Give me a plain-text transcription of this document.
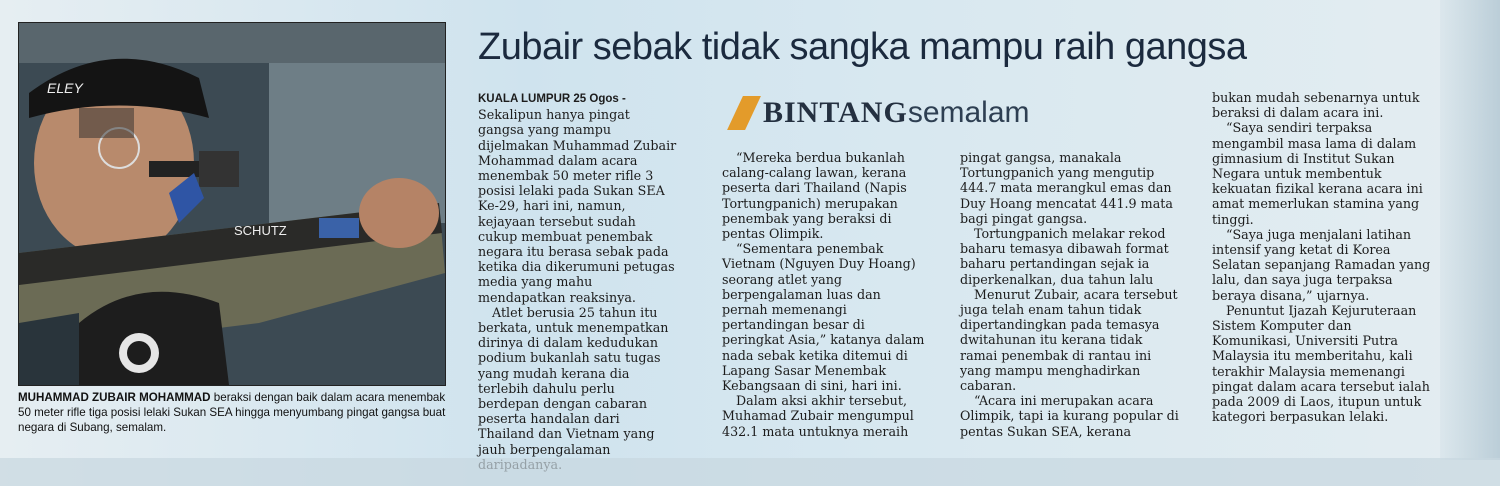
ELEY
SCHUTZ
MUHAMMAD ZUBAIR MOHAMMAD beraksi dengan baik dalam acara menembak 50 meter rifle tiga posisi lelaki Sukan SEA hingga menyumbang pingat gangsa buat negara di Subang, semalam.
Zubair sebak tidak sangka mampu raih gangsa
BINTANG semalam

KUALA LUMPUR 25 Ogos -

Sekalipun hanya pingat gangsa yang mampu dijelmakan Muhammad Zubair Mohammad dalam acara menembak 50 meter rifle 3 posisi lelaki pada Sukan SEA Ke-29, hari ini, namun, kejayaan tersebut sudah cukup membuat penembak negara itu berasa sebak pada ketika dia dikerumuni petugas media yang mahu mendapatkan reaksinya.

Atlet berusia 25 tahun itu berkata, untuk menempatkan dirinya di dalam kedudukan podium bukanlah satu tugas yang mudah kerana dia terlebih dahulu perlu berdepan dengan cabaran peserta handalan dari Thailand dan Vietnam yang jauh berpengalaman

“Mereka berdua bukanlah calang-calang lawan, kerana peserta dari Thailand (Napis Tortungpanich) merupakan penembak yang beraksi di pentas Olimpik.

“Sementara penembak Vietnam (Nguyen Duy Hoang) seorang atlet yang berpengalaman luas dan pernah memenangi pertandingan besar di peringkat Asia,” katanya dalam nada sebak ketika ditemui di Lapang Sasar Menembak Kebangsaan di sini, hari ini.

Dalam aksi akhir tersebut, Muhamad Zubair mengumpul 432.1 mata untuknya meraih

pingat gangsa, manakala Tortungpanich yang mengutip 444.7 mata merangkul emas dan Duy Hoang mencatat 441.9 mata bagi pingat gangsa.

Tortungpanich melakar rekod baharu temasya dibawah format baharu pertandingan sejak ia diperkenalkan, dua tahun lalu

Menurut Zubair, acara tersebut juga telah enam tahun tidak dipertandingkan pada temasya dwitahunan itu kerana tidak ramai penembak di rantau ini yang mampu menghadirkan cabaran.

“Acara ini merupakan acara Olimpik, tapi ia kurang popular di pentas Sukan SEA, kerana

bukan mudah sebenarnya untuk beraksi di dalam acara ini.

“Saya sendiri terpaksa mengambil masa lama di dalam gimnasium di Institut Sukan Negara untuk membentuk kekuatan fizikal kerana acara ini amat memerlukan stamina yang tinggi.

“Saya juga menjalani latihan intensif yang ketat di Korea Selatan sepanjang Ramadan yang lalu, dan saya juga terpaksa beraya disana,” ujarnya.

Penuntut Ijazah Kejuruteraan Sistem Komputer dan Komunikasi, Universiti Putra Malaysia itu memberitahu, kali terakhir Malaysia memenangi pingat dalam acara tersebut ialah pada 2009 di Laos, itupun untuk kategori berpasukan lelaki.
